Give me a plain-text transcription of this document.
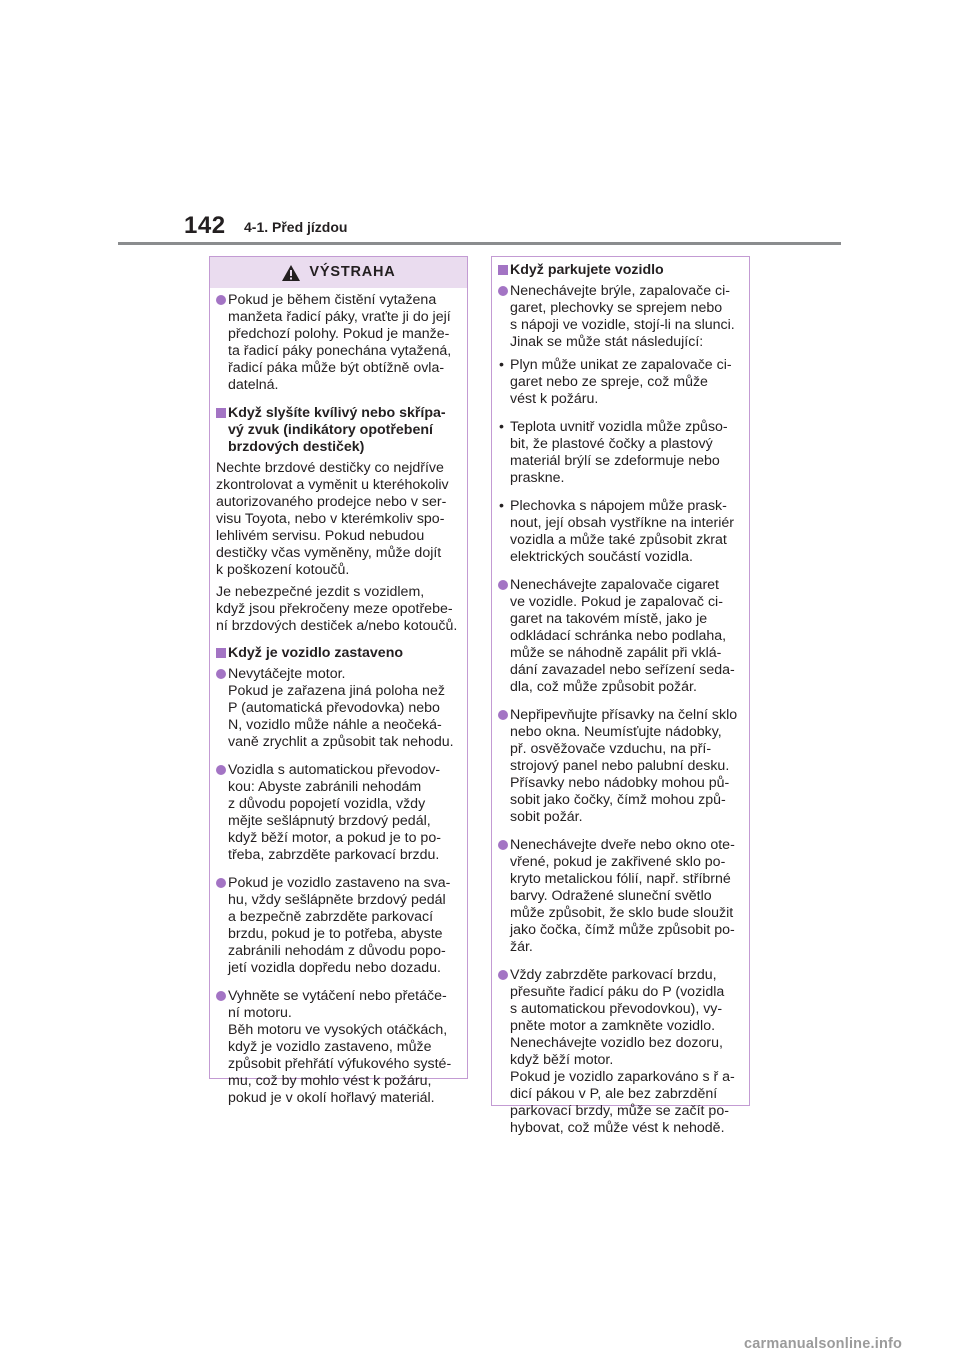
142 4-1. Před jízdou
VÝSTRAHA
Pokud je během čistění vytažena
manžeta řadicí páky, vraťte ji do její
předchozí polohy. Pokud je manže-
ta řadicí páky ponechána vytažená,
řadicí páka může být obtížně ovla-
datelná.
Když slyšíte kvílivý nebo skřípa-
vý zvuk (indikátory opotřebení
brzdových destiček)
Nechte brzdové destičky co nejdříve
zkontrolovat a vyměnit u kteréhokoliv
autorizovaného prodejce nebo v ser-
visu Toyota, nebo v kterémkoliv spo-
lehlivém servisu. Pokud nebudou
destičky včas vyměněny, může dojít
k poškození kotoučů.
Je nebezpečné jezdit s vozidlem,
když jsou překročeny meze opotřebe-
ní brzdových destiček a/nebo kotoučů.
Když je vozidlo zastaveno
Nevytáčejte motor.
Pokud je zařazena jiná poloha než
P (automatická převodovka) nebo
N, vozidlo může náhle a neočeká-
vaně zrychlit a způsobit tak nehodu.
Vozidla s automatickou převodov-
kou: Abyste zabránili nehodám
z důvodu popojetí vozidla, vždy
mějte sešlápnutý brzdový pedál,
když běží motor, a pokud je to po-
třeba, zabrzděte parkovací brzdu.
Pokud je vozidlo zastaveno na sva-
hu, vždy sešlápněte brzdový pedál
a bezpečně zabrzděte parkovací
brzdu, pokud je to potřeba, abyste
zabránili nehodám z důvodu popo-
jetí vozidla dopředu nebo dozadu.
Vyhněte se vytáčení nebo přetáče-
ní motoru.
Běh motoru ve vysokých otáčkách,
když je vozidlo zastaveno, může
způsobit přehřátí výfukového systé-
mu, což by mohlo vést k požáru,
pokud je v okolí hořlavý materiál.
Když parkujete vozidlo
Nenechávejte brýle, zapalovače ci-
garet, plechovky se sprejem nebo
s nápoji ve vozidle, stojí-li na slunci.
Jinak se může stát následující:
• Plyn může unikat ze zapalovače ci-
garet nebo ze spreje, což může
vést k požáru.
• Teplota uvnitř vozidla může způso-
bit, že plastové čočky a plastový
materiál brýlí se zdeformuje nebo
praskne.
• Plechovka s nápojem může prask-
nout, její obsah vystříkne na interiér
vozidla a může také způsobit zkrat
elektrických součástí vozidla.
Nenechávejte zapalovače cigaret
ve vozidle. Pokud je zapalovač ci-
garet na takovém místě, jako je
odkládací schránka nebo podlaha,
může se náhodně zapálit při vklá-
dání zavazadel nebo seřízení seda-
dla, což může způsobit požár.
Nepřipevňujte přísavky na čelní sklo
nebo okna. Neumísťujte nádobky,
př. osvěžovače vzduchu, na pří-
strojový panel nebo palubní desku.
Přísavky nebo nádobky mohou pů-
sobit jako čočky, čímž mohou způ-
sobit požár.
Nenechávejte dveře nebo okno ote-
vřené, pokud je zakřivené sklo po-
kryto metalickou fólií, např. stříbrné
barvy. Odražené sluneční světlo
může způsobit, že sklo bude sloužit
jako čočka, čímž může způsobit po-
žár.
Vždy zabrzděte parkovací brzdu,
přesuňte řadicí páku do P (vozidla
s automatickou převodovkou), vy-
pněte motor a zamkněte vozidlo.
Nenechávejte vozidlo bez dozoru,
když běží motor.
Pokud je vozidlo zaparkováno s ř a-
dicí pákou v P, ale bez zabrzdění
parkovací brzdy, může se začít po-
hybovat, což může vést k nehodě.
carmanualsonline.info
